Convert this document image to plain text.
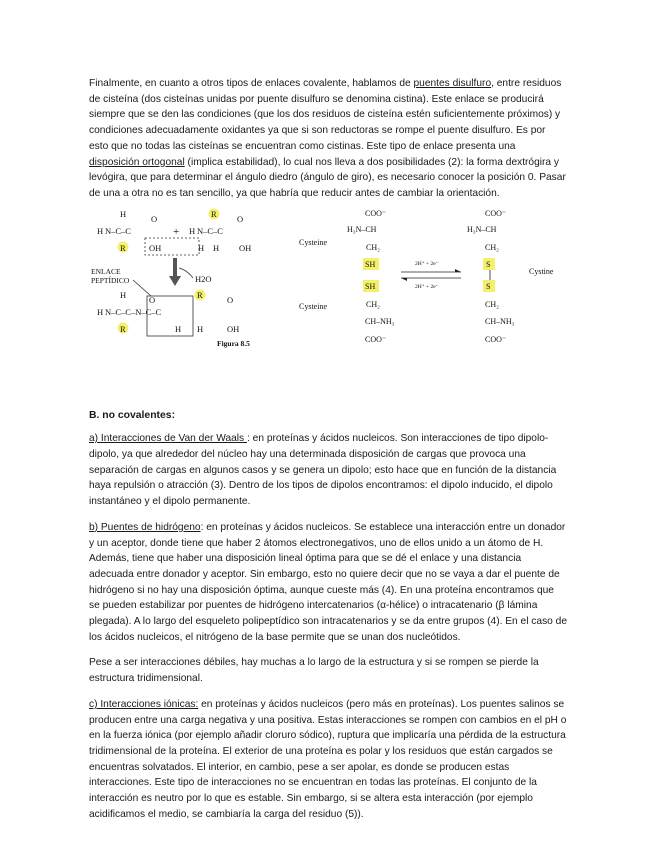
Finalmente, en cuanto a otros tipos de enlaces covalente, hablamos de puentes disulfuro, entre residuos de cisteína (dos cisteínas unidas por puente disulfuro se denomina cistina). Este enlace se producirá siempre que se den las condiciones (que los dos residuos de cisteína estén suficientemente próximos) y condiciones adecuadamente oxidantes ya que si son reductoras se rompe el puente disulfuro. Es por esto que no todas las cisteínas se encuentran como cistinas. Este tipo de enlace presenta una disposición ortogonal (implica estabilidad), lo cual nos lleva a dos posibilidades (2): la forma dextrógira y levógira, que para determinar el ángulo diedro (ángulo de giro), es necesario conocer la posición 0. Pasar de una a otra no es tan sencillo, ya que habría que reducir antes de cambiar la orientación.

H
R
H N–C–C
O
OH
+ H N–C–C
R
H H
O
OH
H2O
ENLACE
PEPTÍDICO
H
H N–C–C–N–C–C
O	R
R	H H
O
OH
Figura 8.5
Cysteine
Cysteine
Cystine
COO⁻
H₃N–CH
CH₂
SH
SH
CH₂
CH–NH₃
COO⁻
COO⁻
H₃N–CH
CH₂
S
S
CH₂
CH–NH₃
COO⁻
2H⁺ + 2e⁻
2H⁺ + 2e⁻

B. no covalentes:

a) Interacciones de Van der Waals : en proteínas y ácidos nucleicos. Son interacciones de tipo dipolo-dipolo, ya que alrededor del núcleo hay una determinada disposición de cargas que provoca una separación de cargas en algunos casos y se genera un dipolo; esto hace que en función de la distancia haya repulsión o atracción (3). Dentro de los tipos de dipolos encontramos: el dipolo inducido, el dipolo instantáneo y el dipolo permanente.

b) Puentes de hidrógeno: en proteínas y ácidos nucleicos. Se establece una interacción entre un donador y un aceptor, donde tiene que haber 2 átomos electronegativos, uno de ellos unido a un átomo de H. Además, tiene que haber una disposición lineal óptima para que se dé el enlace y una distancia adecuada entre donador y aceptor. Sin embargo, esto no quiere decir que no se vaya a dar el puente de hidrógeno si no hay una disposición óptima, aunque cueste más (4). En una proteína encontramos que se pueden estabilizar por puentes de hidrógeno intercatenarios (α-hélice) o intracatenario (β lámina plegada). A lo largo del esqueleto polipeptídico son intracatenarios y se da entre grupos (4). En el caso de los ácidos nucleicos, el nitrógeno de la base permite que se unan dos nucleótidos.

Pese a ser interacciones débiles, hay muchas a lo largo de la estructura y si se rompen se pierde la estructura tridimensional.

c) Interacciones iónicas: en proteínas y ácidos nucleicos (pero más en proteínas). Los puentes salinos se producen entre una carga negativa y una positiva. Estas interacciones se rompen con cambios en el pH o en la fuerza iónica (por ejemplo añadir cloruro sódico), ruptura que implicaría una pérdida de la estructura tridimensional de la proteína. El exterior de una proteína es polar y los residuos que están cargados se encuentras solvatados. El interior, en cambio, pese a ser apolar, es donde se producen estas interacciones. Este tipo de interacciones no se encuentran en todas las proteínas. El conjunto de la interacción es neutro por lo que es estable. Sin embargo, si se altera esta interacción (por ejemplo acidificamos el medio, se cambiaría la carga del residuo (5)).
